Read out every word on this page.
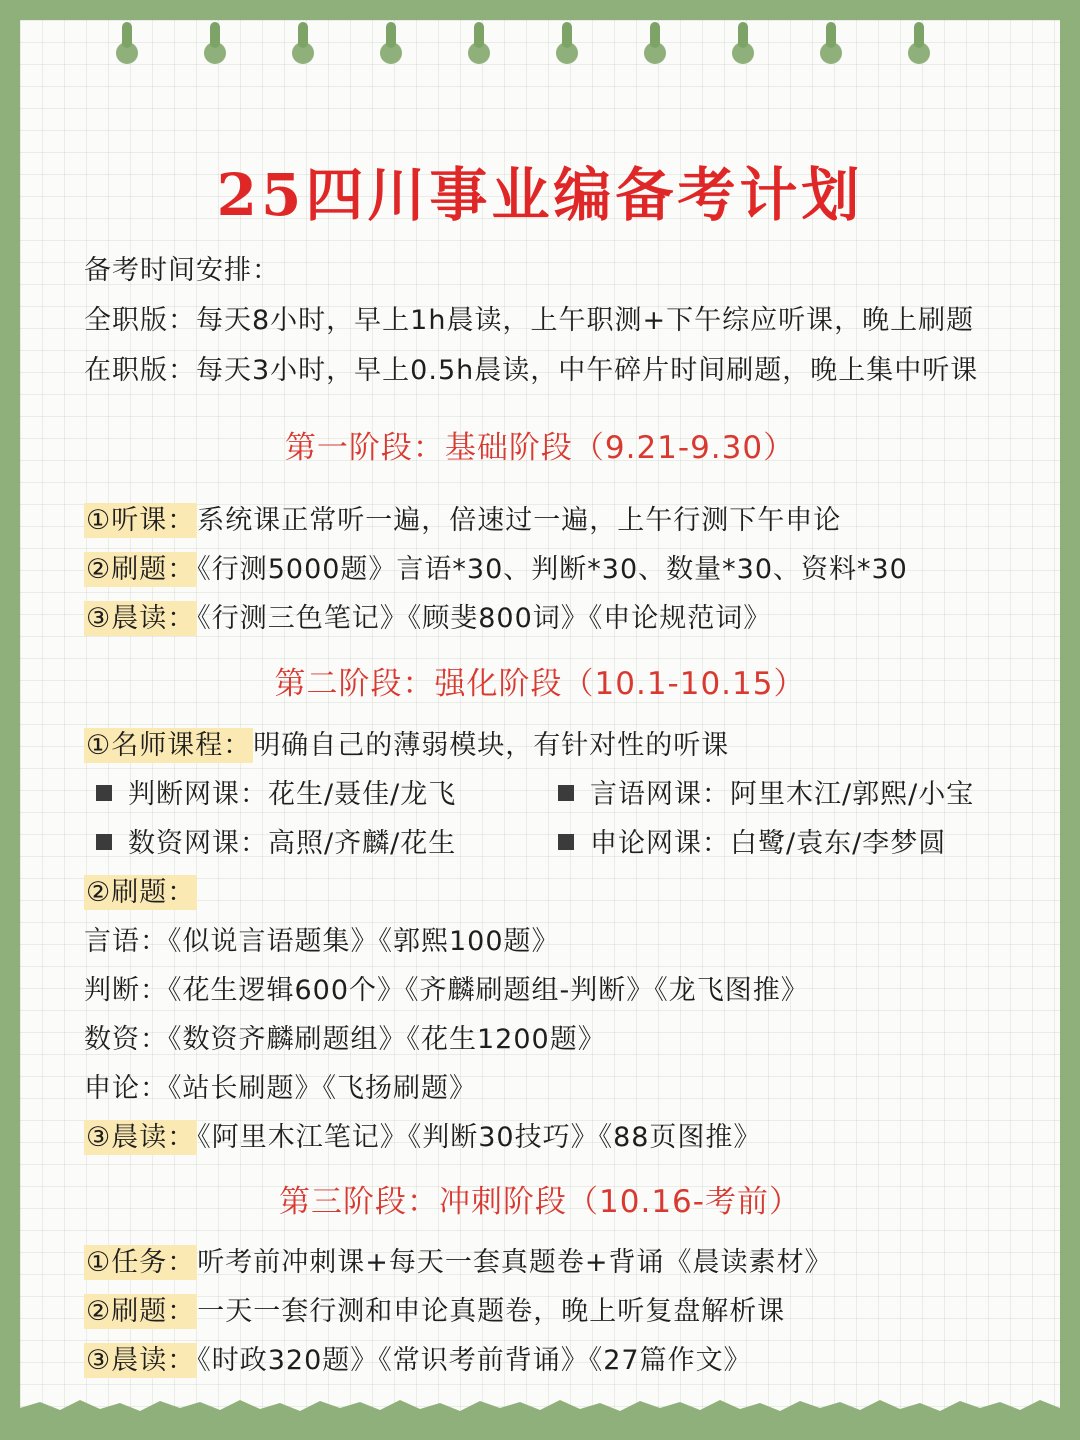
25四川事业编备考计划
备考时间安排：
全职版：每天8小时，早上1h晨读，上午职测+下午综应听课，晚上刷题
在职版：每天3小时，早上0.5h晨读，中午碎片时间刷题，晚上集中听课
第一阶段：基础阶段（9.21-9.30）
①听课：系统课正常听一遍，倍速过一遍，上午行测下午申论
②刷题：《行测5000题》言语*30、判断*30、数量*30、资料*30
③晨读：《行测三色笔记》《顾斐800词》《申论规范词》
第二阶段：强化阶段（10.1-10.15）
①名师课程：明确自己的薄弱模块，有针对性的听课
判断网课：花生/聂佳/龙飞	言语网课：阿里木江/郭熙/小宝
数资网课：高照/齐麟/花生	申论网课：白鹭/袁东/李梦圆
②刷题：
言语：《似说言语题集》《郭熙100题》
判断：《花生逻辑600个》《齐麟刷题组-判断》《龙飞图推》
数资：《数资齐麟刷题组》《花生1200题》
申论：《站长刷题》《飞扬刷题》
③晨读：《阿里木江笔记》《判断30技巧》《88页图推》
第三阶段：冲刺阶段（10.16-考前）
①任务：听考前冲刺课+每天一套真题卷+背诵《晨读素材》
②刷题：一天一套行测和申论真题卷，晚上听复盘解析课
③晨读：《时政320题》《常识考前背诵》《27篇作文》
